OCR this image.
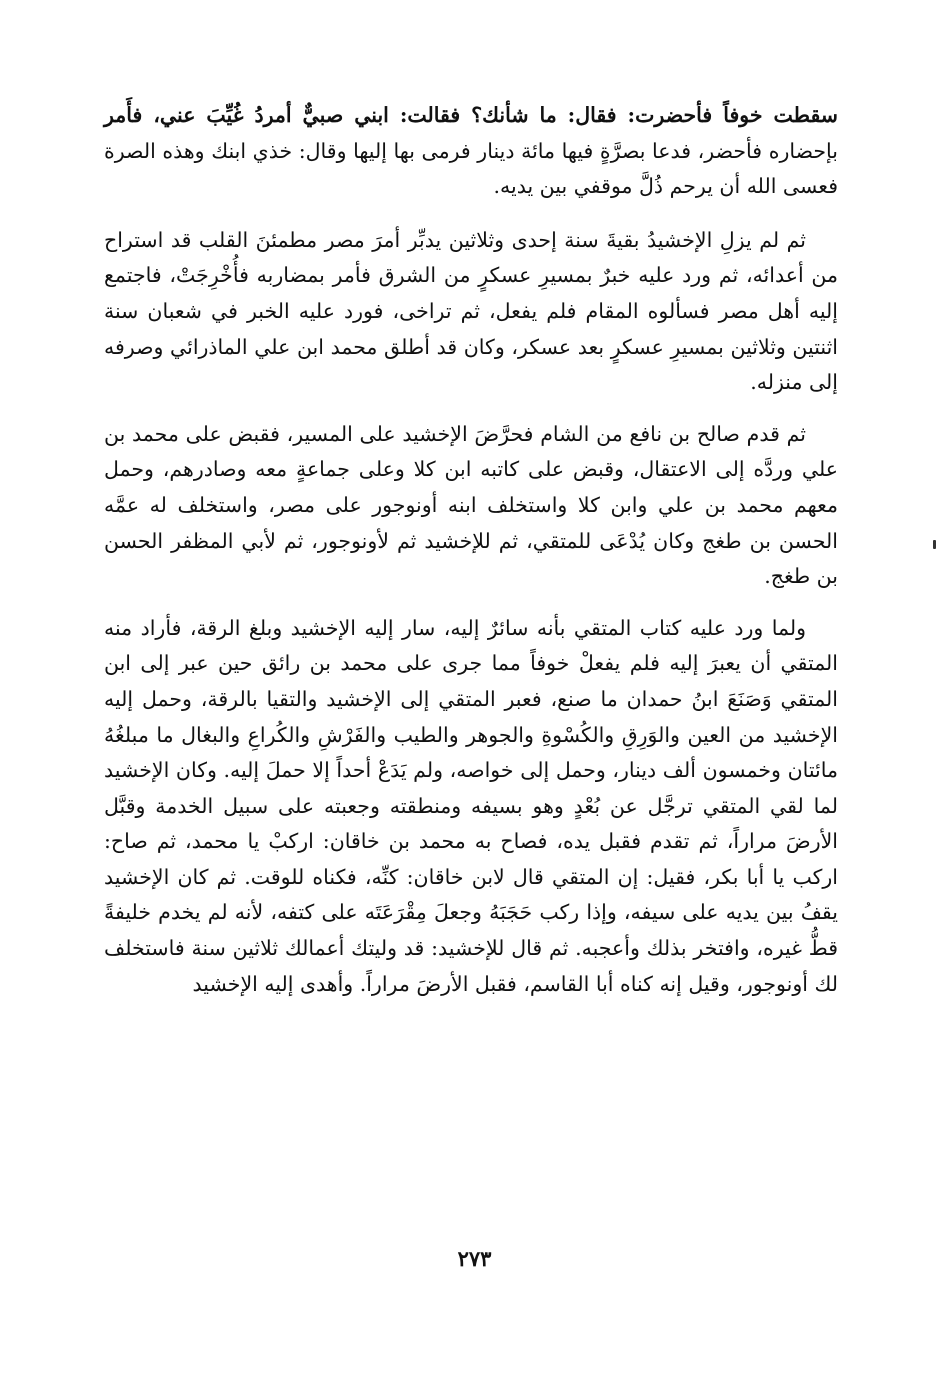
سقطت خوفاً فأحضرت: فقال: ما شأنك؟ فقالت: ابني صبيٌّ أمردُ غُيِّبَ عني، فأَمر بإحضاره فأحضر، فدعا بصرَّةٍ فيها مائة دينار فرمى بها إليها وقال: خذي ابنك وهذه الصرة فعسى الله أن يرحم ذُلَّ موقفي بين يديه.

ثم لم يزلِ الإخشيدُ بقيةَ سنة إحدى وثلاثين يدبِّر أمرَ مصر مطمئنَ القلب قد استراح من أعدائه، ثم ورد عليه خبرٌ بمسيرِ عسكرٍ من الشرق فأمر بمضاربه فأُخْرِجَتْ، فاجتمع إليه أهل مصر فسألوه المقام فلم يفعل، ثم تراخى، فورد عليه الخبر في شعبان سنة اثنتين وثلاثين بمسيرِ عسكرٍ بعد عسكر، وكان قد أطلق محمد ابن علي الماذرائي وصرفه إلى منزله.

ثم قدم صالح بن نافع من الشام فحرَّضَ الإخشيد على المسير، فقبض على محمد بن علي وردَّه إلى الاعتقال، وقبض على كاتبه ابن كلا وعلى جماعةٍ معه وصادرهم، وحمل معهم محمد بن علي وابن كلا واستخلف ابنه أونوجور على مصر، واستخلف له عمَّه الحسن بن طغج وكان يُدْعَى للمتقي، ثم للإخشيد ثم لأونوجور، ثم لأبي المظفر الحسن بن طغج.

ولما ورد عليه كتاب المتقي بأنه سائرٌ إليه، سار إليه الإخشيد وبلغ الرقة، فأراد منه المتقي أن يعبرَ إليه فلم يفعلْ خوفاً مما جرى على محمد بن رائق حين عبر إلى ابن المتقي وَصَنَعَ ابنُ حمدان ما صنع، فعبر المتقي إلى الإخشيد والتقيا بالرقة، وحمل إليه الإخشيد من العين والوَرِقِ والكُسْوةِ والجوهر والطيب والفَرْشِ والكُراعِ والبغال ما مبلغُهُ مائتان وخمسون ألف دينار، وحمل إلى خواصه، ولم يَدَعْ أحداً إلا حملَ إليه. وكان الإخشيد لما لقي المتقي ترجَّل عن بُعْدٍ وهو بسيفه ومنطقته وجعبته على سبيل الخدمة وقبَّل الأرضَ مراراً، ثم تقدم فقبل يده، فصاح به محمد بن خاقان: اركبْ يا محمد، ثم صاح: اركب يا أبا بكر، فقيل: إن المتقي قال لابن خاقان: كنِّه، فكناه للوقت. ثم كان الإخشيد يقفُ بين يديه على سيفه، وإذا ركب حَجَبَهُ وجعلَ مِقْرَعَتَه على كتفه، لأنه لم يخدم خليفةً قطُّ غيره، وافتخر بذلك وأعجبه. ثم قال للإخشيد: قد وليتك أعمالك ثلاثين سنة فاستخلف لك أونوجور، وقيل إنه كناه أبا القاسم، فقبل الأرضَ مراراً. وأهدى إليه الإخشيد

٢٧٣
